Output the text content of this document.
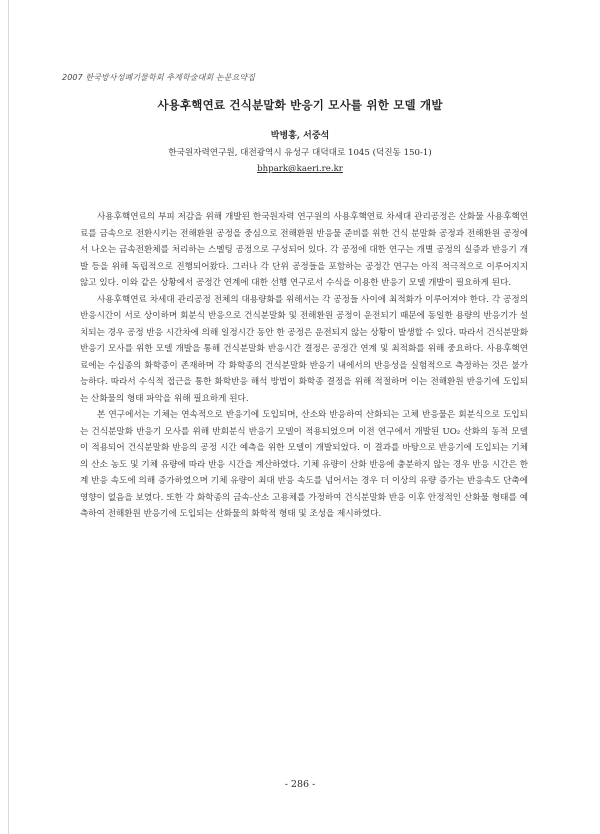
2007 한국방사성폐기물학회 추계학술대회 논문요약집
사용후핵연료 건식분말화 반응기 모사를 위한 모델 개발
박병흥, 서중석
한국원자력연구원, 대전광역시 유성구 대덕대로 1045 (덕진동 150-1)
bhpark@kaeri.re.kr

사용후핵연료의 부피 저감을 위해 개발된 한국원자력 연구원의 사용후핵연료 차세대 관리공정은 산화물 사용후핵연료를 금속으로 전환시키는 전해환원 공정을 중심으로 전해환원 반응물 준비를 위한 건식 분말화 공정과 전해환원 공정에서 나오는 금속전환체를 처리하는 스멜팅 공정으로 구성되어 있다. 각 공정에 대한 연구는 개별 공정의 실증과 반응기 개발 등을 위해 독립적으로 진행되어왔다. 그러나 각 단위 공정들을 포함하는 공정간 연구는 아직 적극적으로 이루어지지 않고 있다. 이와 같은 상황에서 공정간 연계에 대한 선행 연구로서 수식을 이용한 반응기 모델 개발이 필요하게 된다.

사용후핵연료 차세대 관리공정 전체의 대용량화를 위해서는 각 공정들 사이에 최적화가 이루어져야 한다. 각 공정의 반응시간이 서로 상이하며 회분식 반응으로 건식분말화 및 전해환원 공정이 운전되기 때문에 동일한 용량의 반응기가 설치되는 경우 공정 반응 시간차에 의해 일정시간 동안 한 공정은 운전되지 않는 상황이 발생할 수 있다. 따라서 건식분말화 반응기 모사를 위한 모델 개발을 통해 건식분말화 반응시간 결정은 공정간 연계 및 최적화를 위해 중요하다. 사용후핵연료에는 수십종의 화학종이 존재하며 각 화학종의 건식분말화 반응기 내에서의 반응성을 실험적으로 측정하는 것은 불가능하다. 따라서 수식적 접근을 통한 화학반응 해석 방법이 화학종 결정을 위해 적절하며 이는 전해환원 반응기에 도입되는 산화물의 형태 파악을 위해 필요하게 된다.

본 연구에서는 기체는 연속적으로 반응기에 도입되며, 산소와 반응하여 산화되는 고체 반응물은 회분식으로 도입되는 건식분말화 반응기 모사를 위해 반회분식 반응기 모델이 적용되었으며 이전 연구에서 개발된 UO₂ 산화의 동적 모델이 적용되어 건식분말화 반응의 공정 시간 예측을 위한 모델이 개발되었다. 이 결과를 바탕으로 반응기에 도입되는 기체의 산소 농도 및 기체 유량에 따라 반응 시간을 계산하였다. 기체 유량이 산화 반응에 충분하지 않는 경우 반응 시간은 한계 반응 속도에 의해 증가하였으며 기체 유량이 최대 반응 속도를 넘어서는 경우 더 이상의 유량 증가는 반응속도 단축에 영향이 없음을 보였다. 또한 각 화학종의 금속-산소 고용체를 가정하여 건식분말화 반응 이후 안정적인 산화물 형태를 예측하여 전해환원 반응기에 도입되는 산화물의 화학적 형태 및 조성을 제시하였다.

- 286 -
